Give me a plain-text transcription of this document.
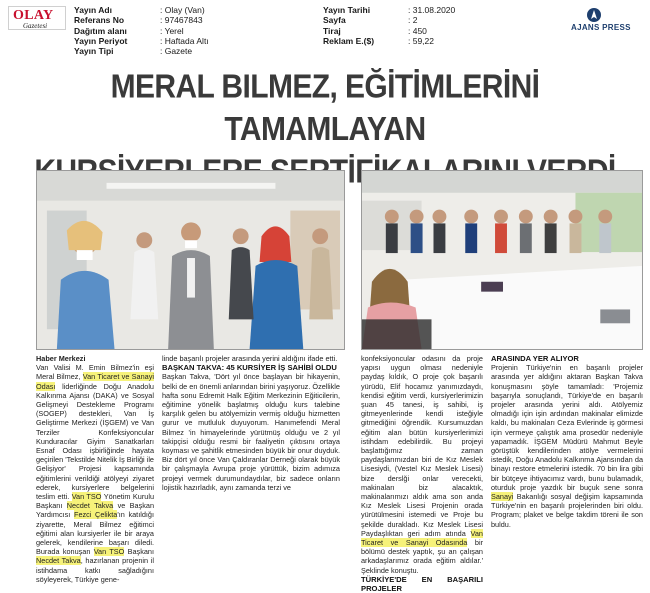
OLAY
Gazetesi
Yayın Adı	: Olay (Van)
Referans No	: 97467843
Dağıtım alanı	: Yerel
Yayın Periyot	: Haftada Altı
Yayın Tipi	: Gazete
Yayın Tarihi	: 31.08.2020
Sayfa	: 2
Tiraj	: 450
Reklam E.($)	: 59,22
AJANS PRESS
MERAL BILMEZ, EĞİTİMLERİNİ TAMAMLAYAN

Haber Merkezi
Van Valisi M. Emin Bilmez'in eşi Meral Bilmez, Van Ticaret ve Sanayi Odası liderliğinde Doğu Anadolu Kalkınma Ajansı (DAKA) ve Sosyal Gelişmeyi Destekleme Programı (SOGEP) destekleri, Van İş Geliştirme Merkezi (İŞGEM) ve Van Terziler Konfeksiyoncular Kunduracılar Giyim Sanatkarları Esnaf Odası işbirliğinde hayata geçirilen 'Tekstilde Nitelik İş Birliği ile Gelişiyor' Projesi kapsamında eğitimlerini verildiği atölyeyi ziyaret ederek, kursiyerlere belgelerini teslim etti. Van TSO Yönetim Kurulu Başkanı Necdet Takva ve Başkan Yardımcısı Fezci Çelikta'ın katıldığı ziyarette, Meral Bilmez eğitimci eğitimi alan kursiyerler ile bir araya gelerek, kendilerine başarı diledi. Burada konuşan Van TSO Başkanı Necdet Takva, hazırlanan projenin il istihdama katkı sağladığını söyleyerek, Türkiye gene-

linde başarılı projeler arasında yerini aldığını ifade etti.

BAŞKAN TAKVA: 45 KURSİYER İŞ SAHİBİ OLDU

Başkan Takva, 'Dört yıl önce başlayan bir hikayenin, belki de en önemli anlarından birini yaşıyoruz. Özellikle hafta sonu Edremit Halk Eğitim Merkezinin Eğiticilerin, eğitimine yönelik başlatmış olduğu kurs talebine karşılık gelen bu atölyemizin vermiş olduğu hizmetten gurur ve mutluluk duyuyorum. Hanımefendi Meral Bilmez 'in himayelerinde yürütmüş olduğu ve 2 yıl takipçisi olduğu resmi bir faaliyetin çıktısını ortaya koyması ve şahitlik etmesinden büyük bir onur duyduk. Biz dört yıl önce Van Çaldıranlar Derneği olarak büyük bir çalışmayla Avrupa proje yürüttük, bizim adımıza projeyi vermek durumundaydılar, biz sadece onların lojistik hazırladık, aynı zamanda terzi ve

konfeksiyoncular odasını da proje yapısı uygun olması nedeniyle paydaş kıldık, O proje çok başarılı yürüdü, Elif hocamız yanımızdaydı, kendisi eğitim verdi, kursiyerlerimizin şuan 45 tanesi, iş sahibi, iş gitmeyenlerinde kendi isteğiyle gitmediğini öğrendik. Kursumuzdan eğitim alan bütün kursiyerlerimizi istihdam edebilirdik. Bu projeyi başlattığımız zaman paydaşlarımızdan biri de Kız Meslek Lisesiydi, (Vestel Kız Meslek Lisesi) bize derslği onlar verecekti, makinaları biz alacaktık, makinalarımızı aldık ama son anda Kız Meslek Lisesi Projenin orada yürütülmesini istemedi ve Proje bu şekilde durakladı. Kız Meslek Lisesi Paydaşlıktan geri adım atında Van Ticaret ve Sanayi Odasında bir bölümü destek yaptık, şu an çalışan arkadaşlarımız orada eğitim aldılar.' Şeklinde konuştu.

TÜRKİYE'DE EN BAŞARILI PROJELER

ARASINDA YER ALIYOR

Projenin Türkiye'nin en başarılı projeler arasında yer aldığını aktaran Başkan Takva konuşmasını şöyle tamamladı: 'Projemiz başarıyla sonuçlandı, Türkiye'de en başarılı projeler arasında yerini aldı. Atölyemiz olmadığı için işin ardından makinalar elimizde kaldı, bu makinaları Ceza Evlerinde iş görmesi için vermeye çalıştık ama prosedür nedeniyle yapamadık. İŞGEM Müdürü Mahmut Beyle görüştük kendilerinden atölye vermelerini istedik, Doğu Anadolu Kalkınma Ajansından da binayı restore etmelerini istedik. 70 bin lira gibi bir bütçeye ihtiyacımız vardı, bunu bulamadık, oturduk proje yazdık bir buçuk sene sonra Sanayi Bakanlığı sosyal değişim kapsamında Türkiye'nin en başarılı projelerinden biri oldu. Program; plaket ve belge takdim töreni ile son buldu.
